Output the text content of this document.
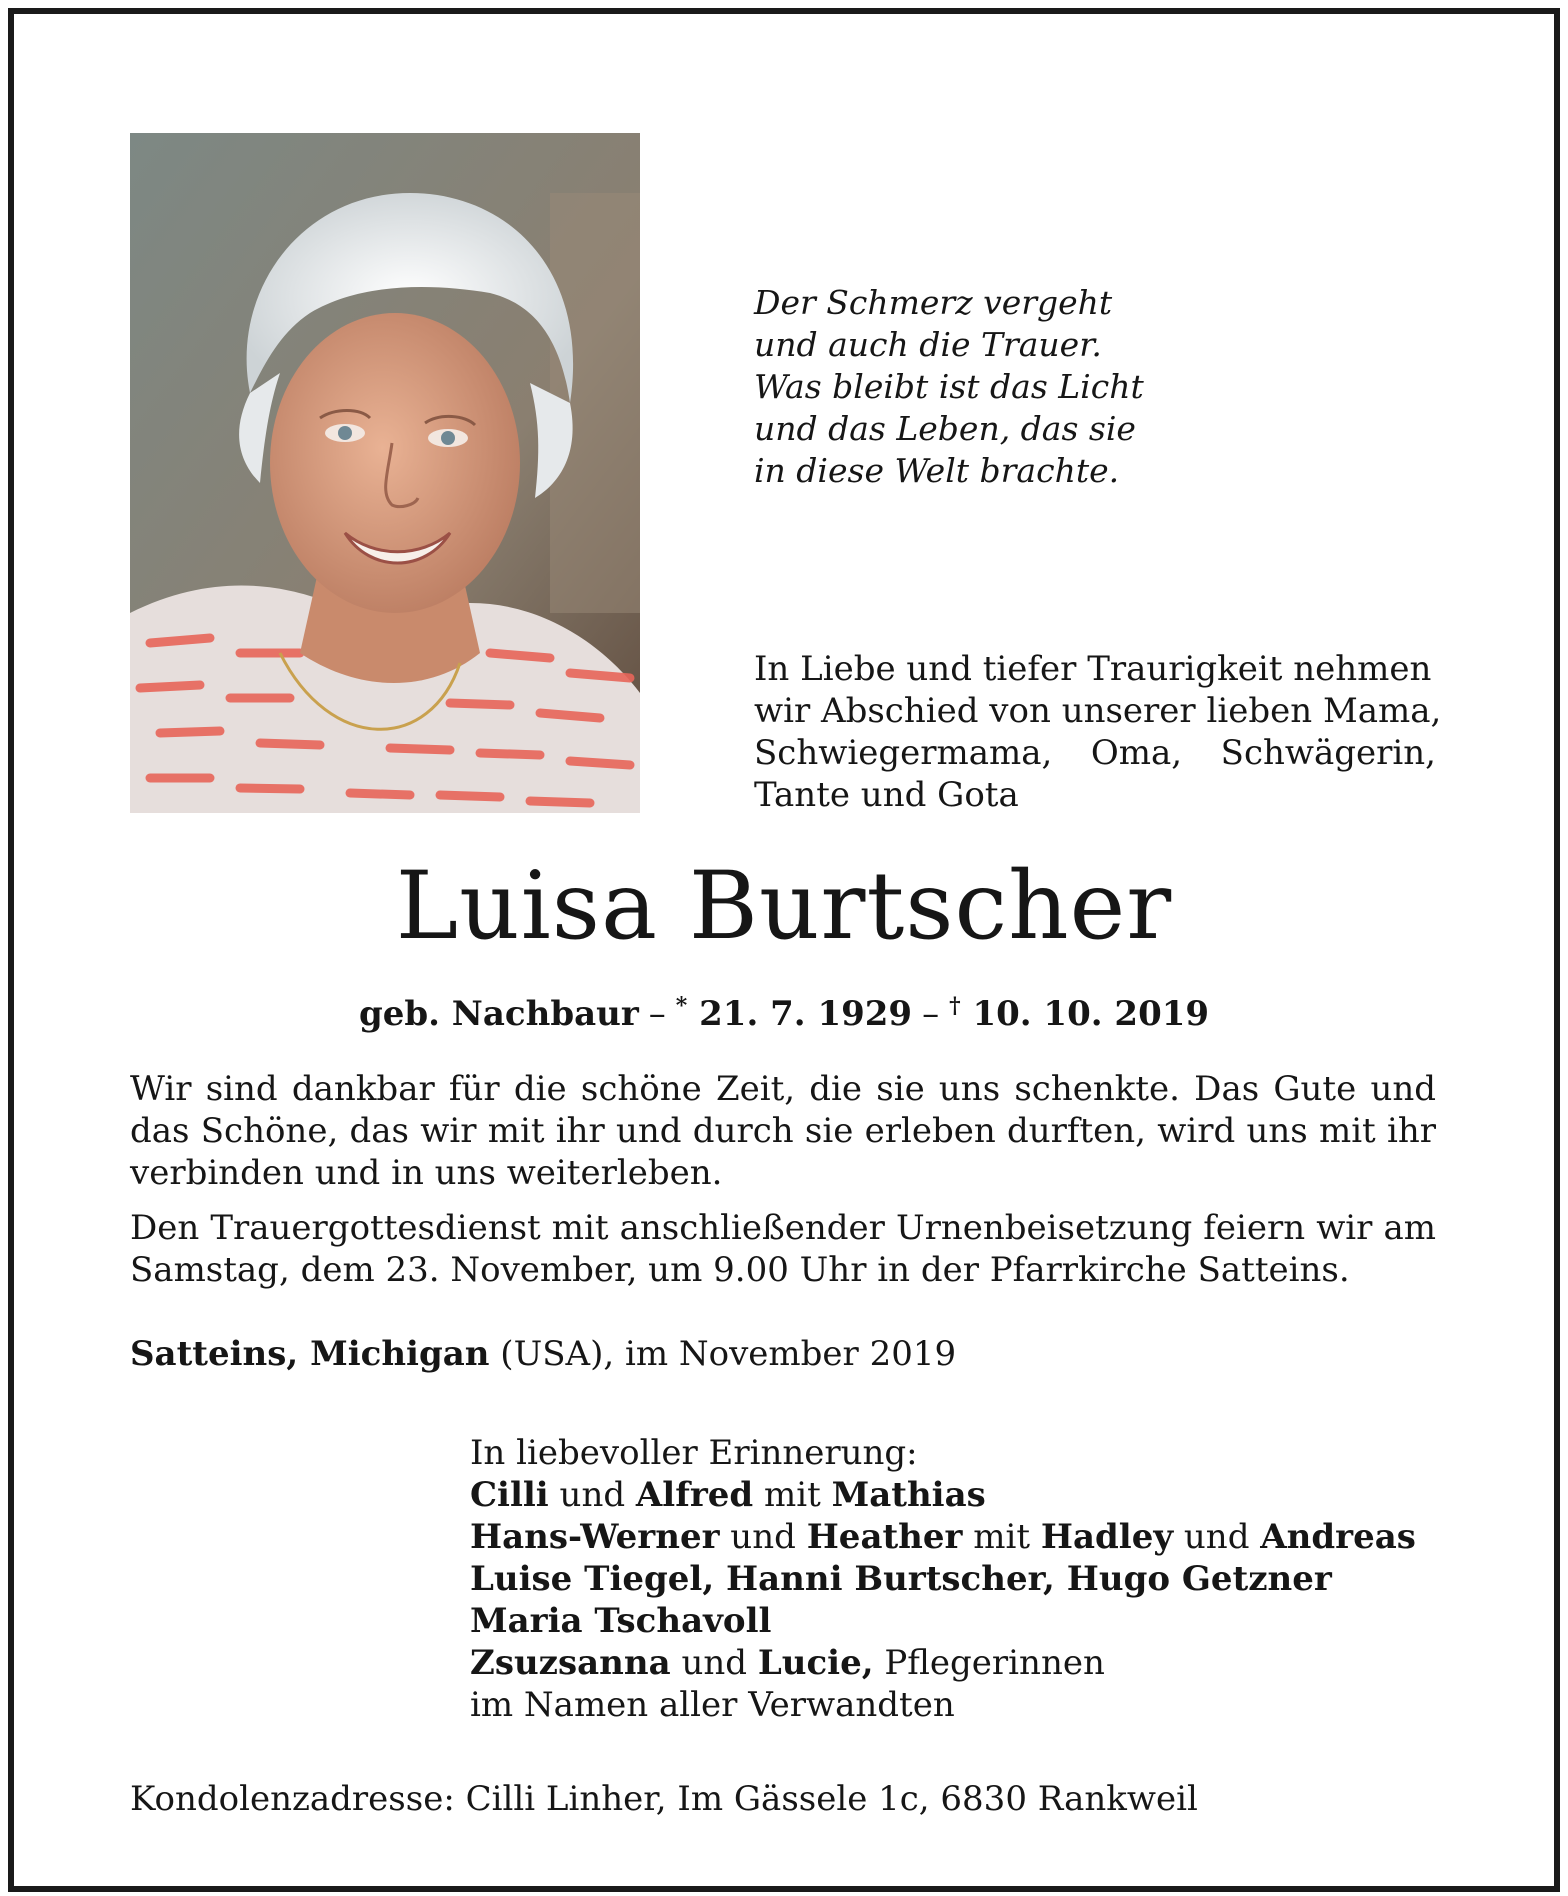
Der Schmerz vergeht
und auch die Trauer.
Was bleibt ist das Licht
und das Leben, das sie
in diese Welt brachte.
In Liebe und tiefer Traurigkeit nehmen
wir Abschied von unserer lieben Mama,
Schwiegermama, Oma, Schwägerin,
Tante und Gota
Luisa Burtscher
geb. Nachbaur – * 21. 7. 1929 – † 10. 10. 2019
Wir sind dankbar für die schöne Zeit, die sie uns schenkte. Das Gute und das Schöne, das wir mit ihr und durch sie erleben durften, wird uns mit ihr verbinden und in uns weiterleben.
Den Trauergottesdienst mit anschließender Urnenbeisetzung feiern wir am Samstag, dem 23. November, um 9.00 Uhr in der Pfarrkirche Satteins.
Satteins, Michigan (USA), im November 2019
In liebevoller Erinnerung:
Cilli und Alfred mit Mathias
Hans-Werner und Heather mit Hadley und Andreas
Luise Tiegel, Hanni Burtscher, Hugo Getzner
Maria Tschavoll
Zsuzsanna und Lucie, Pflegerinnen
im Namen aller Verwandten
Kondolenzadresse: Cilli Linher, Im Gässele 1c, 6830 Rankweil
